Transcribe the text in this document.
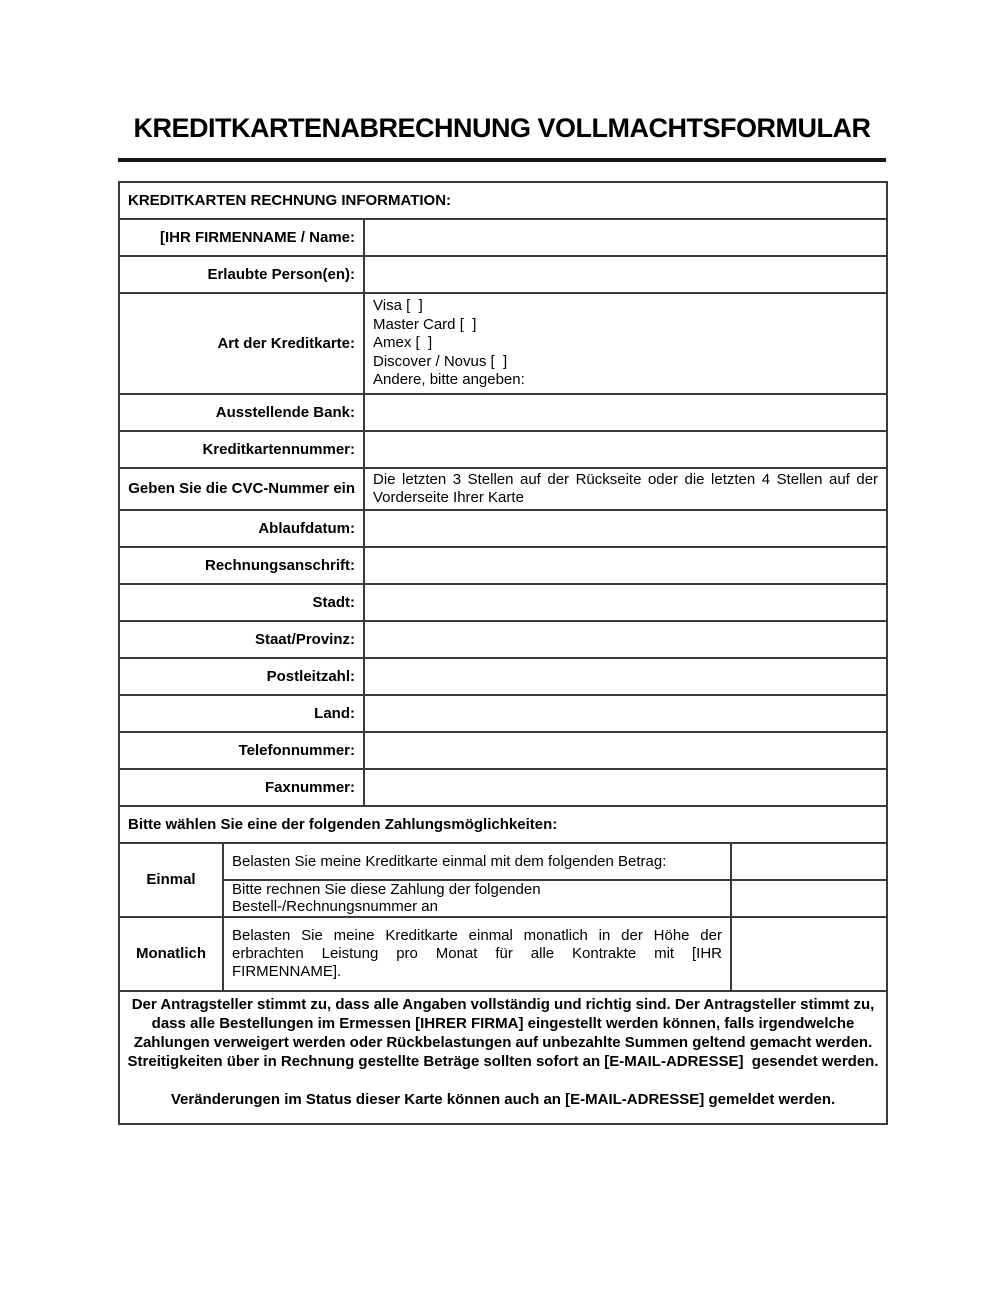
KREDITKARTENABRECHNUNG VOLLMACHTSFORMULAR
KREDITKARTEN RECHNUNG INFORMATION:			
[IHR FIRMENNAME / Name:			
Erlaubte Person(en):			
Art der Kreditkarte:		Visa [  ]
Master Card [  ]
Amex [  ]
Discover / Novus [  ]
Andere, bitte angeben:	

Ausstellende Bank:			
Kreditkartennummer:			
Geben Sie die CVC-Nummer ein		Die letzten 3 Stellen auf der Rückseite oder die letzten 4 Stellen auf der Vorderseite Ihrer Karte	
Ablaufdatum:			
Rechnungsanschrift:			
Stadt:			
Staat/Provinz:			
Postleitzahl:			
Land:			
Telefonnummer:			
Faxnummer:			
Bitte wählen Sie eine der folgenden Zahlungsmöglichkeiten:			
Einmal	Belasten Sie meine Kreditkarte einmal mit dem folgenden Betrag:		
	Bitte rechnen Sie diese Zahlung der folgenden Bestell-/Rechnungsnummer an		
Monatlich	Belasten Sie meine Kreditkarte einmal monatlich in der Höhe der erbrachten Leistung pro Monat für alle Kontrakte mit [IHR FIRMENNAME].		

Der Antragsteller stimmt zu, dass alle Angaben vollständig und richtig sind. Der Antragsteller stimmt zu, dass alle Bestellungen im Ermessen [IHRER FIRMA] eingestellt werden können, falls irgendwelche Zahlungen verweigert werden oder Rückbelastungen auf unbezahlte Summen geltend gemacht werden. Streitigkeiten über in Rechnung gestellte Beträge sollten sofort an [E-MAIL-ADRESSE]  gesendet werden.

Veränderungen im Status dieser Karte können auch an [E-MAIL-ADRESSE] gemeldet werden.			
